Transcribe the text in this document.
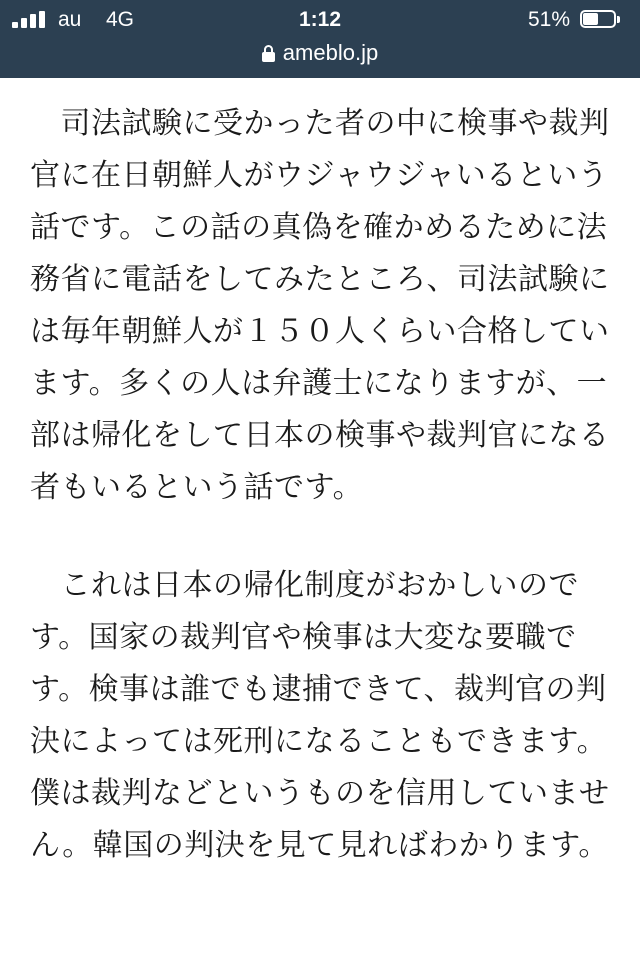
au 4G	1:12	51%
ameblo.jp

　司法試験に受かった者の中に検事や裁判官に在日朝鮮人がウジャウジャいるという話です。この話の真偽を確かめるために法務省に電話をしてみたところ、司法試験には毎年朝鮮人が１５０人くらい合格しています。多くの人は弁護士になりますが、一部は帰化をして日本の検事や裁判官になる者もいるという話です。

　これは日本の帰化制度がおかしいのです。国家の裁判官や検事は大変な要職です。検事は誰でも逮捕できて、裁判官の判決によっては死刑になることもできます。僕は裁判などというものを信用していません。韓国の判決を見て見ればわかります。
